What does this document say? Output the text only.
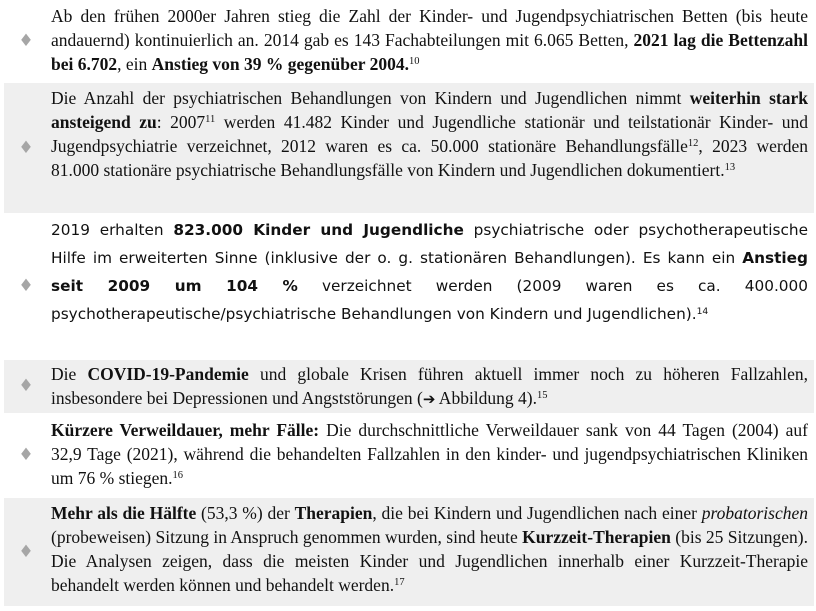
♦

Ab den frühen 2000er Jahren stieg die Zahl der Kinder- und Jugendpsychiatrischen Betten (bis heute andauernd) kontinuierlich an. 2014 gab es 143 Fachabteilungen mit 6.065 Betten, 2021 lag die Bettenzahl bei 6.702, ein Anstieg von 39 % gegenüber 2004.10

♦

Die Anzahl der psychiatrischen Behandlungen von Kindern und Jugendlichen nimmt weiterhin stark ansteigend zu: 2007$^{11}$ werden 41.482 Kinder und Jugendliche stationär und teilstationär Kinder- und Jugendpsychiatrie verzeichnet, 2012 waren es ca. 50.000 stationäre Behandlungsfälle$^{12}$, 2023 werden 81.000 stationäre psychiatrische Behandlungsfälle von Kindern und Jugendlichen dokumentiert.$^{13}$

♦

2019 erhalten 823.000 Kinder und Jugendliche psychiatrische oder psychotherapeutische Hilfe im erweiterten Sinne (inklusive der o. g. stationären Behandlungen). Es kann ein Anstieg seit 2009 um 104 % verzeichnet werden (2009 waren es ca. 400.000 psychotherapeutische/psychiatrische Behandlungen von Kindern und Jugendlichen).$^{14}$

♦

Die COVID-19-Pandemie und globale Krisen führen aktuell immer noch zu höheren Fallzahlen, insbesondere bei Depressionen und Angststörungen (➔ Abbildung 4).$^{15}$

♦

Kürzere Verweildauer, mehr Fälle: Die durchschnittliche Verweildauer sank von 44 Tagen (2004) auf 32,9 Tage (2021), während die behandelten Fallzahlen in den kinder- und jugendpsychiatrischen Kliniken um 76 % stiegen.$^{16}$

♦

Mehr als die Hälfte (53,3 %) der Therapien, die bei Kindern und Jugendlichen nach einer probatorischen (probeweisen) Sitzung in Anspruch genommen wurden, sind heute Kurzzeit-Therapien (bis 25 Sitzungen). Die Analysen zeigen, dass die meisten Kinder und Jugendlichen innerhalb einer Kurzzeit-Therapie behandelt werden können und behandelt werden.$^{17}$
